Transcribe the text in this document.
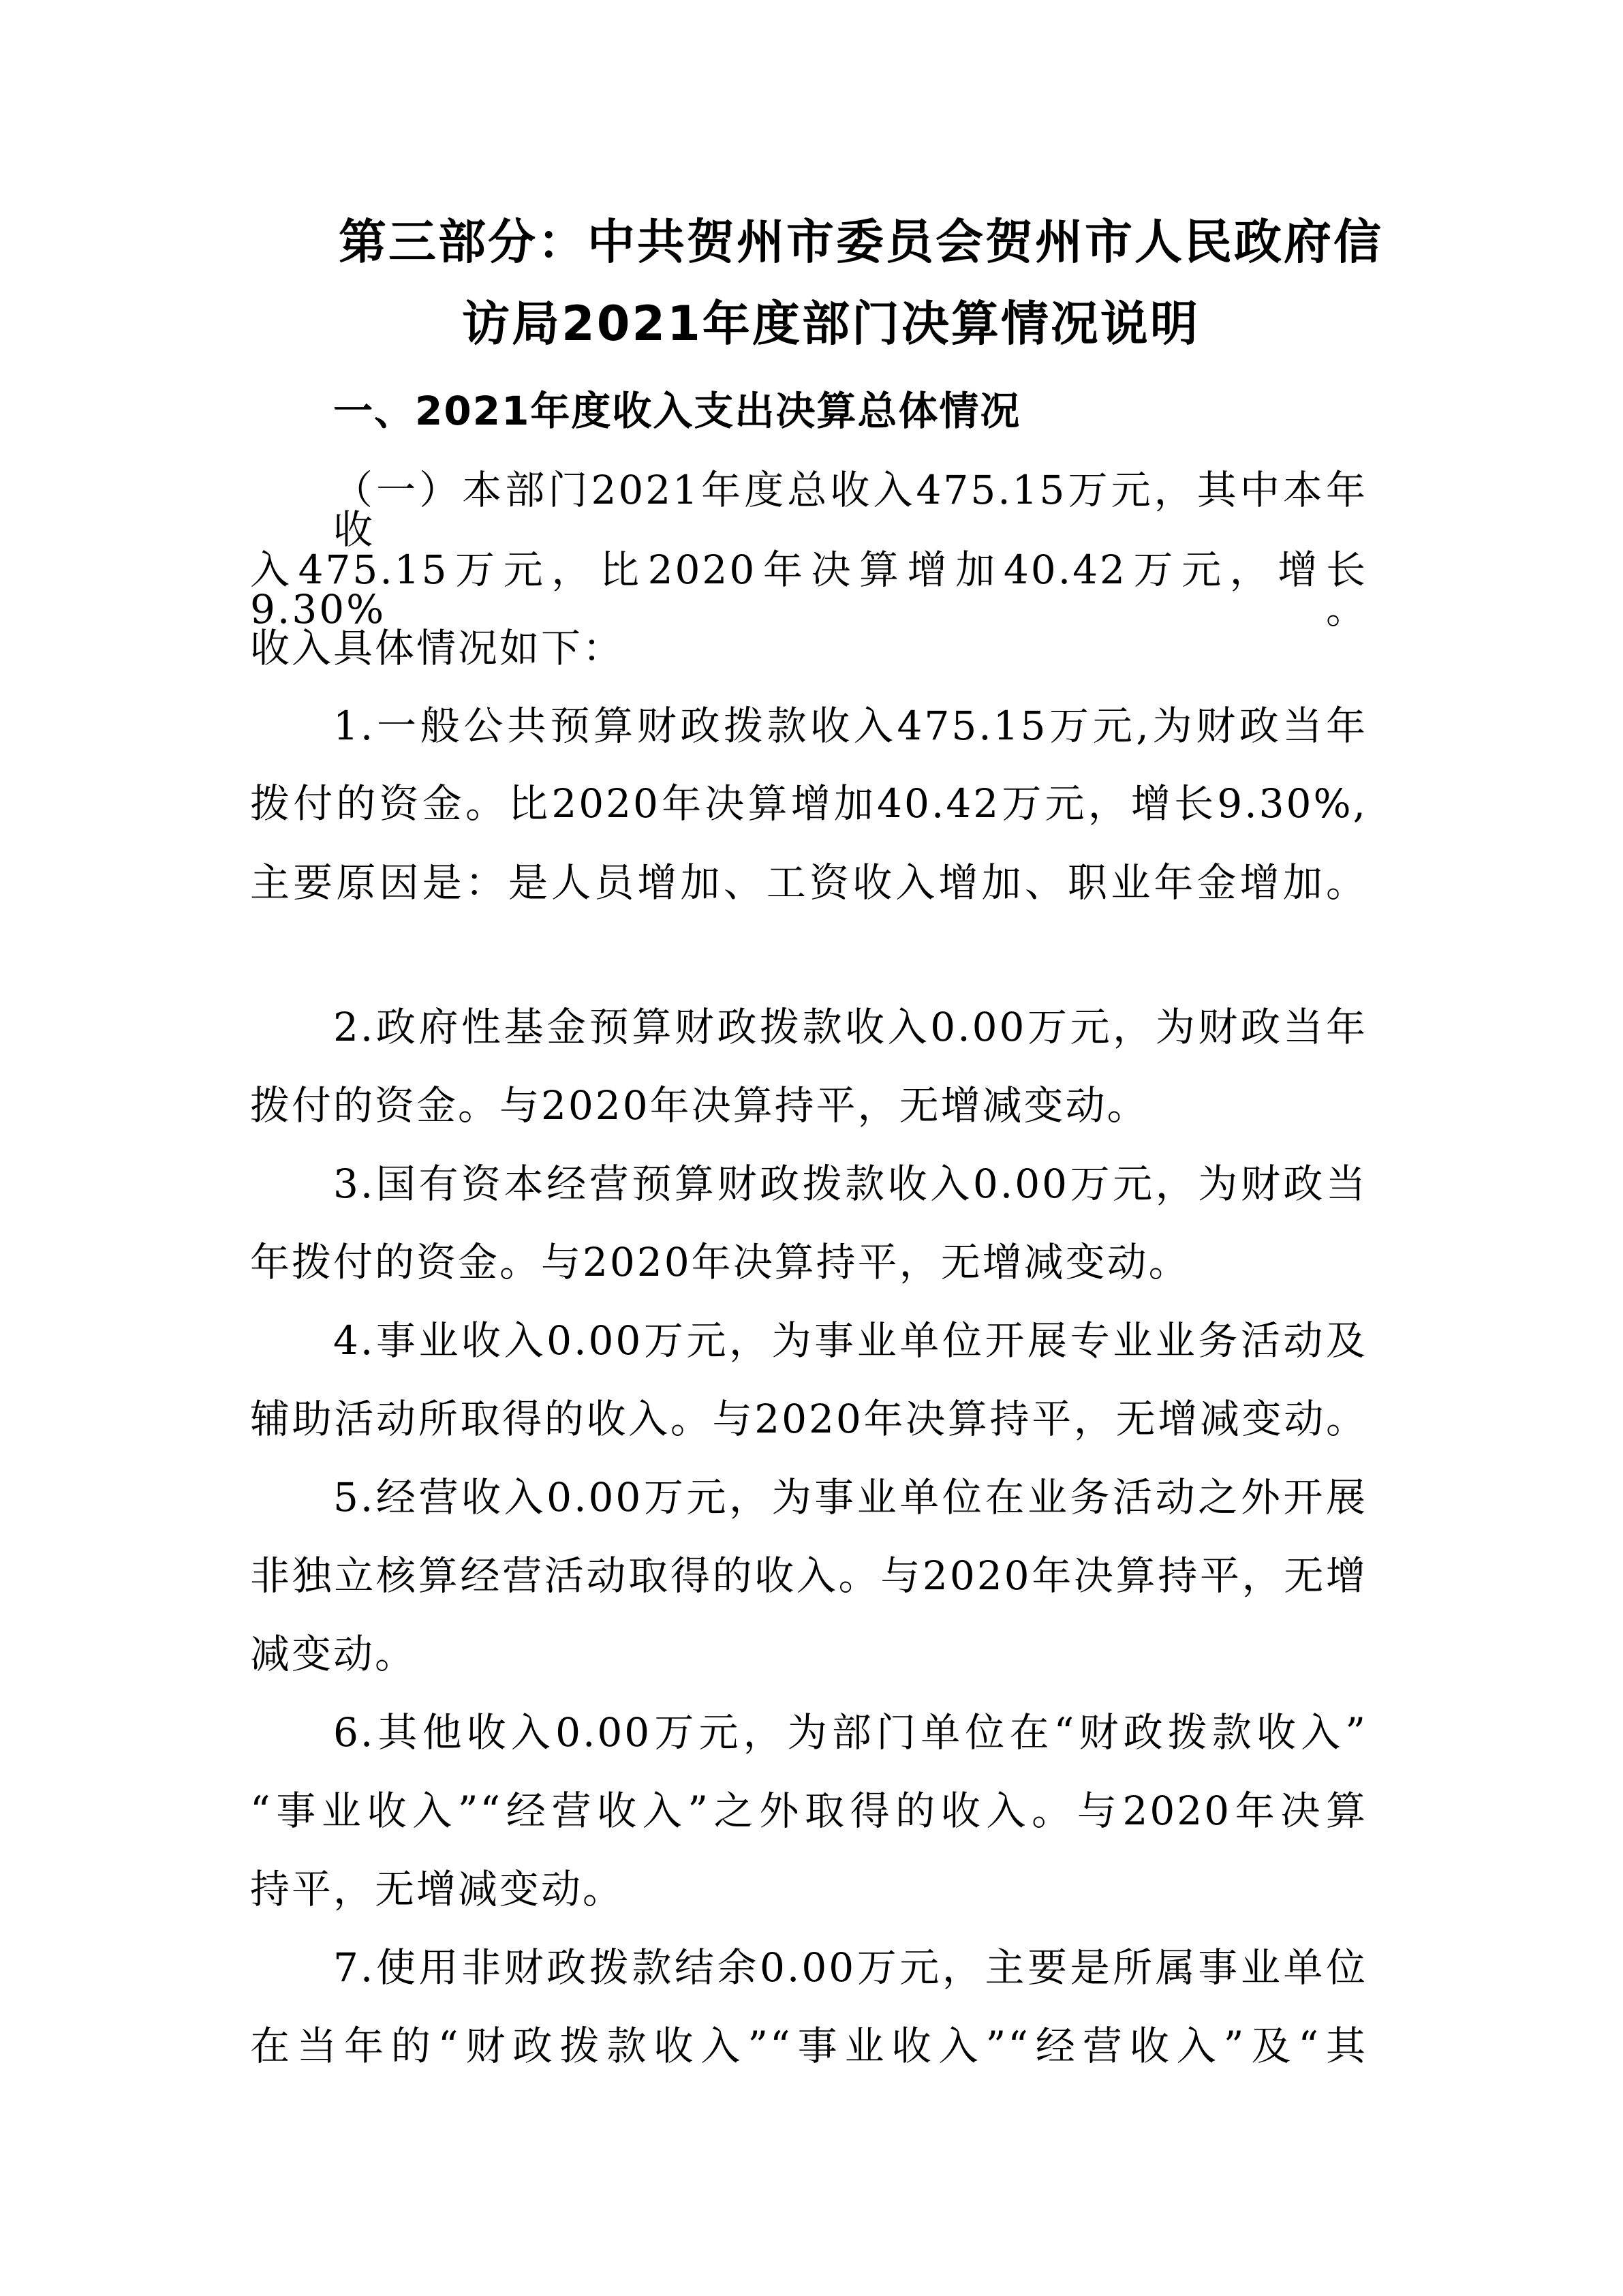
第三部分：中共贺州市委员会贺州市人民政府信
访局2021年度部门决算情况说明
一、2021年度收入支出决算总体情况
（一）本部门2021年度总收入475.15万元，其中本年收
入475.15万元，比2020年决算增加40.42万元，增长9.30%。
收入具体情况如下：
1.一般公共预算财政拨款收入475.15万元,为财政当年
拨付的资金。比2020年决算增加40.42万元，增长9.30%,
主要原因是：是人员增加、工资收入增加、职业年金增加。
2.政府性基金预算财政拨款收入0.00万元，为财政当年
拨付的资金。与2020年决算持平，无增减变动。
3.国有资本经营预算财政拨款收入0.00万元，为财政当
年拨付的资金。与2020年决算持平，无增减变动。
4.事业收入0.00万元，为事业单位开展专业业务活动及
辅助活动所取得的收入。与2020年决算持平，无增减变动。
5.经营收入0.00万元，为事业单位在业务活动之外开展
非独立核算经营活动取得的收入。与2020年决算持平，无增
减变动。
6.其他收入0.00万元，为部门单位在“财政拨款收入”
“事业收入”“经营收入”之外取得的收入。与2020年决算
持平，无增减变动。
7.使用非财政拨款结余0.00万元，主要是所属事业单位
在当年的“财政拨款收入”“事业收入”“经营收入”及“其
